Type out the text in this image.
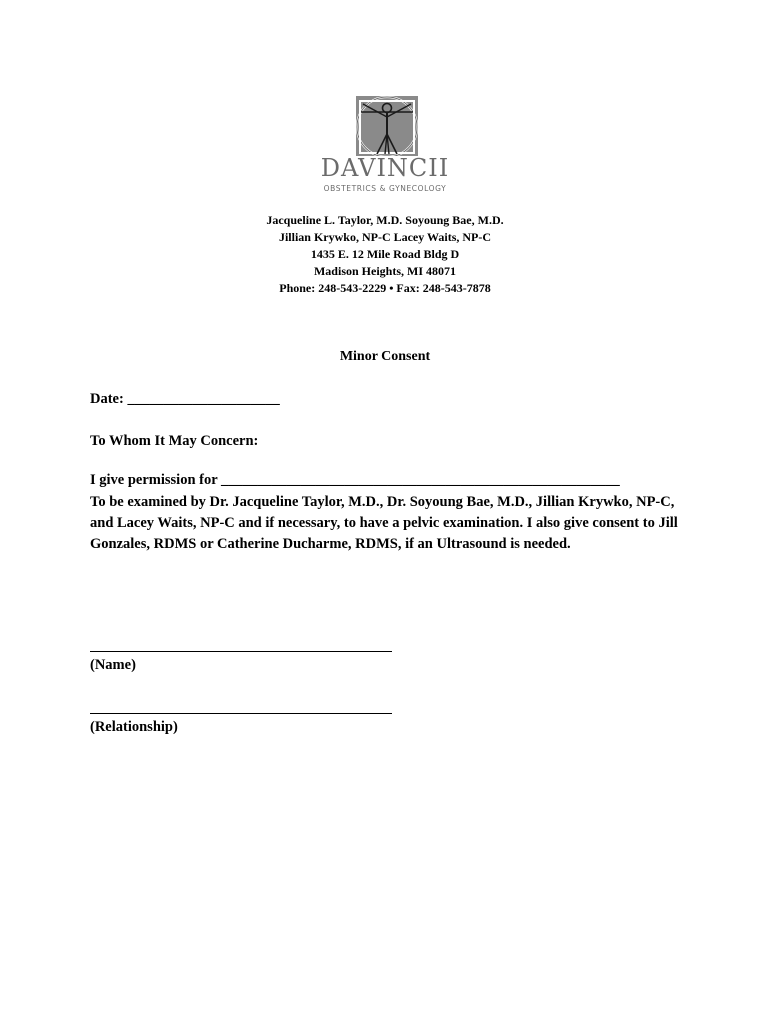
DAVINCII
OBSTETRICS & GYNECOLOGY
Jacqueline L. Taylor, M.D. Soyoung Bae, M.D.
Jillian Krywko, NP-C Lacey Waits, NP-C
1435 E. 12 Mile Road Bldg D
Madison Heights, MI 48071
Phone: 248-543-2229 • Fax: 248-543-7878
Minor Consent
Date: _____________________
To Whom It May Concern:
I give permission for _______________________________________________________
To be examined by Dr. Jacqueline Taylor, M.D., Dr. Soyoung Bae, M.D., Jillian Krywko, NP-C, and Lacey Waits, NP-C and if necessary, to have a pelvic examination. I also give consent to Jill Gonzales, RDMS or Catherine Ducharme, RDMS, if an Ultrasound is needed.
(Name)
(Relationship)
